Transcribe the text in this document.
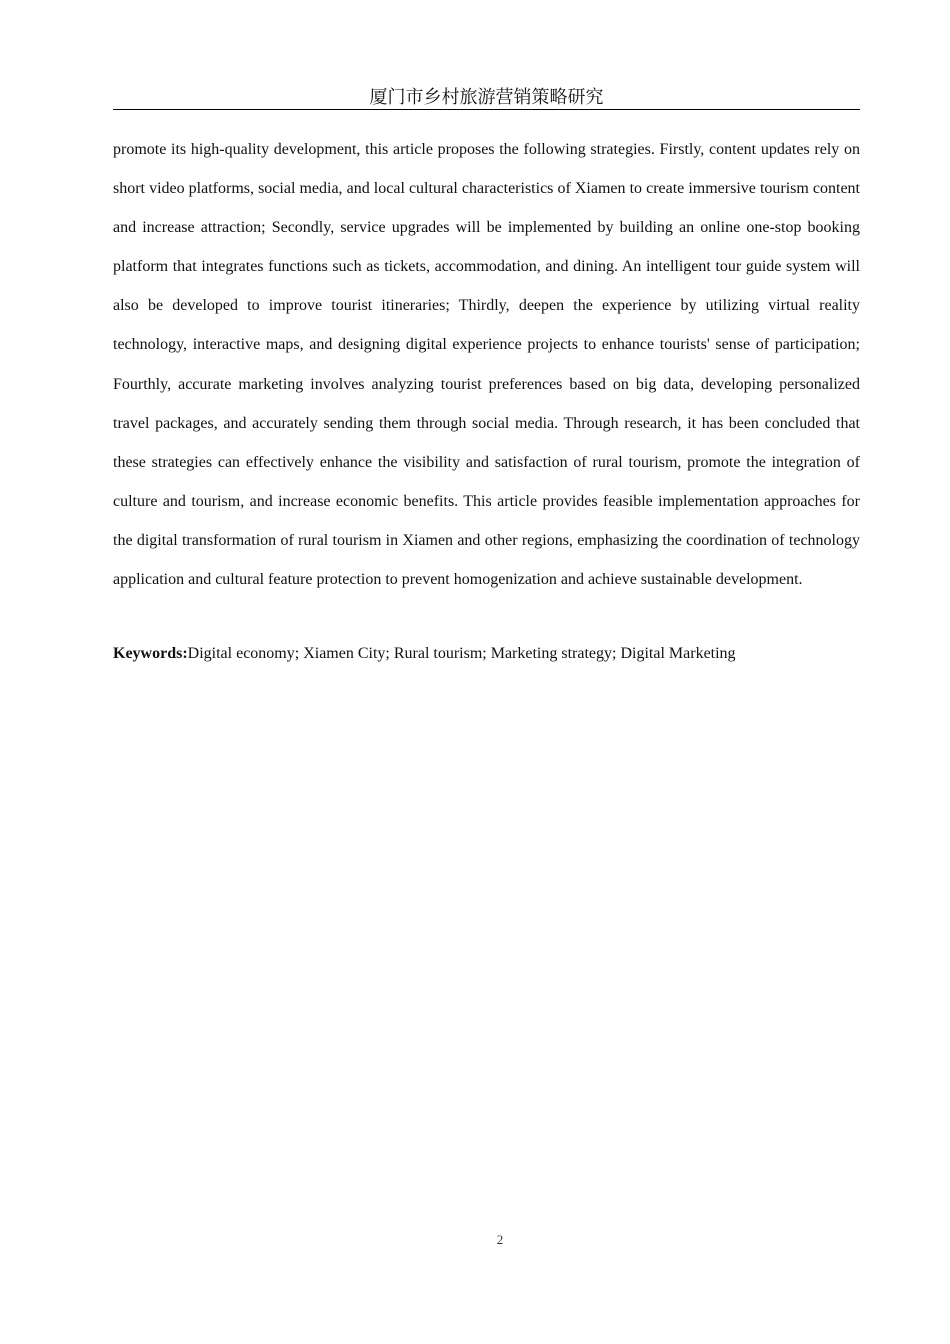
厦门市乡村旅游营销策略研究

promote its high-quality development, this article proposes the following strategies. Firstly, content updates rely on short video platforms, social media, and local cultural characteristics of Xiamen to create immersive tourism content and increase attraction; Secondly, service upgrades will be implemented by building an online one-stop booking platform that integrates functions such as tickets, accommodation, and dining. An intelligent tour guide system will also be developed to improve tourist itineraries; Thirdly, deepen the experience by utilizing virtual reality technology, interactive maps, and designing digital experience projects to enhance tourists' sense of participation; Fourthly, accurate marketing involves analyzing tourist preferences based on big data, developing personalized travel packages, and accurately sending them through social media. Through research, it has been concluded that these strategies can effectively enhance the visibility and satisfaction of rural tourism, promote the integration of culture and tourism, and increase economic benefits. This article provides feasible implementation approaches for the digital transformation of rural tourism in Xiamen and other regions, emphasizing the coordination of technology application and cultural feature protection to prevent homogenization and achieve sustainable development.

Keywords:Digital economy; Xiamen City; Rural tourism; Marketing strategy; Digital Marketing

2
